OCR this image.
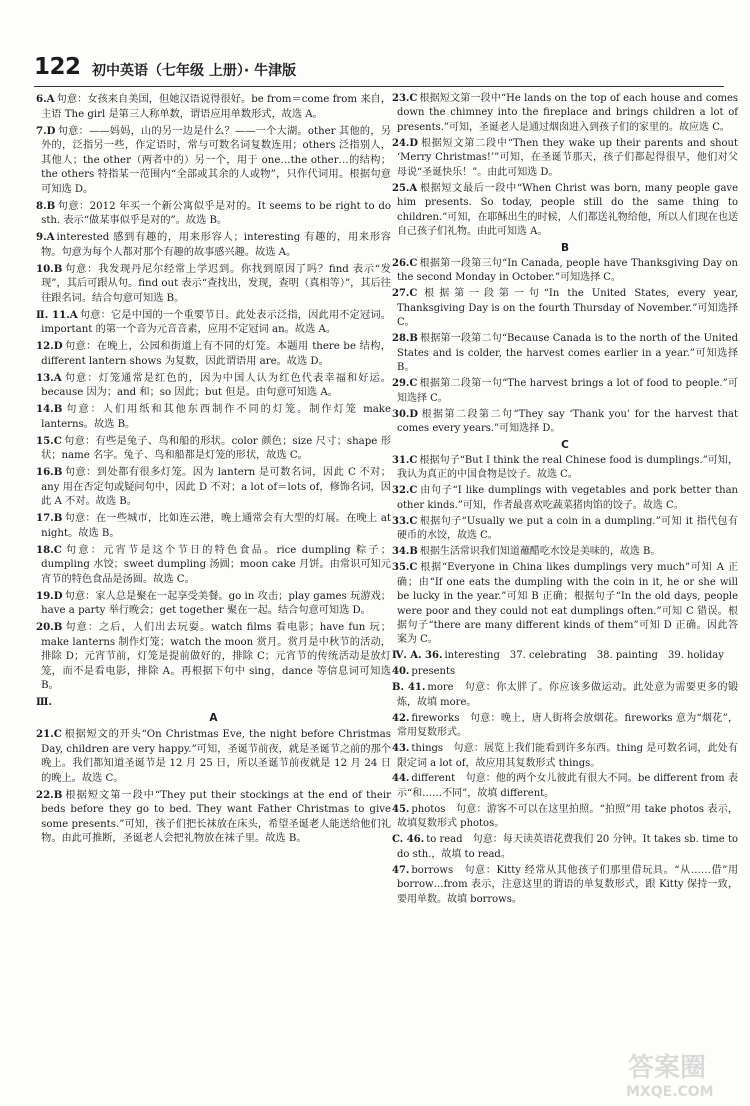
122 初中英语（七年级 上册）· 牛津版

6.A 句意：女孩来自美国，但她汉语说得很好。be from＝come from 来自，主语 The girl 是第三人称单数，谓语应用单数形式，故选 A。

7.D 句意：——妈妈，山的另一边是什么？——一个大湖。other 其他的，另外的，泛指另一些，作定语时，常与可数名词复数连用；others 泛指别人，其他人；the other（两者中的）另一个，用于 one…the other…的结构；the others 特指某一范围内“全部或其余的人或物”，只作代词用。根据句意可知选 D。

8.B 句意：2012 年买一个新公寓似乎是对的。It seems to be right to do sth. 表示“做某事似乎是对的”。故选 B。

9.A interested 感到有趣的，用来形容人；interesting 有趣的，用来形容物。句意为每个人都对那个有趣的故事感兴趣。故选 A。

10.B 句意：我发现丹尼尔经常上学迟到。你找到原因了吗？find 表示“发现”，其后可跟从句。find out 表示“查找出，发现，查明（真相等）”，其后往往跟名词。结合句意可知选 B。

Ⅱ. 11.A 句意：它是中国的一个重要节日。此处表示泛指，因此用不定冠词。important 的第一个音为元音音素，应用不定冠词 an。故选 A。

12.D 句意：在晚上，公园和街道上有不同的灯笼。本题用 there be 结构，different lantern shows 为复数，因此谓语用 are。故选 D。

13.A 句意：灯笼通常是红色的，因为中国人认为红色代表幸福和好运。because 因为；and 和；so 因此；but 但是。由句意可知选 A。

14.B 句意：人们用纸和其他东西制作不同的灯笼。制作灯笼 make lanterns。故选 B。

15.C 句意：有些是兔子、鸟和船的形状。color 颜色；size 尺寸；shape 形状；name 名字。兔子、鸟和船都是灯笼的形状，故选 C。

16.B 句意：到处都有很多灯笼。因为 lantern 是可数名词，因此 C 不对；any 用在否定句或疑问句中，因此 D 不对；a lot of＝lots of，修饰名词，因此 A 不对。故选 B。

17.B 句意：在一些城市，比如连云港，晚上通常会有大型的灯展。在晚上 at night。故选 B。

18.C 句意：元宵节是这个节日的特色食品。rice dumpling 粽子；dumpling 水饺；sweet dumpling 汤圆；moon cake 月饼。由常识可知元宵节的特色食品是汤圆。故选 C。

19.D 句意：家人总是聚在一起享受美餐。go in 攻击；play games 玩游戏；have a party 举行晚会；get together 聚在一起。结合句意可知选 D。

20.B 句意：之后，人们出去玩耍。watch films 看电影；have fun 玩；make lanterns 制作灯笼；watch the moon 赏月。赏月是中秋节的活动，排除 D；元宵节前，灯笼是提前做好的，排除 C；元宵节的传统活动是放灯笼，而不是看电影，排除 A。再根据下句中 sing，dance 等信息词可知选 B。

Ⅲ.
A

21.C 根据短文的开头“On Christmas Eve, the night before Christmas Day, children are very happy.”可知，圣诞节前夜，就是圣诞节之前的那个晚上。我们都知道圣诞节是 12 月 25 日，所以圣诞节前夜就是 12 月 24 日的晚上。故选 C。

22.B 根据短文第一段中“They put their stockings at the end of their beds before they go to bed. They want Father Christmas to give some presents.”可知，孩子们把长袜放在床头，希望圣诞老人能送给他们礼物。由此可推断，圣诞老人会把礼物放在袜子里。故选 B。

23.C 根据短文第一段中“He lands on the top of each house and comes down the chimney into the fireplace and brings children a lot of presents.”可知，圣诞老人是通过烟囱进入到孩子们的家里的。故应选 C。

24.D 根据短文第二段中“Then they wake up their parents and shout ‘Merry Christmas!’”可知，在圣诞节那天，孩子们都起得很早，他们对父母说“圣诞快乐！”。由此可知选 D。

25.A 根据短文最后一段中“When Christ was born, many people gave him presents. So today, people still do the same thing to children.”可知，在耶稣出生的时候，人们都送礼物给他，所以人们现在也送自己孩子们礼物。由此可知选 A。

B

26.C 根据第一段第三句“In Canada, people have Thanksgiving Day on the second Monday in October.”可知选择 C。

27.C 根据第一段第一句“In the United States, every year, Thanksgiving Day is on the fourth Thursday of November.”可知选择 C。

28.B 根据第一段第二句“Because Canada is to the north of the United States and is colder, the harvest comes earlier in a year.”可知选择 B。

29.C 根据第二段第一句“The harvest brings a lot of food to people.”可知选择 C。

30.D 根据第二段第二句“They say ‘Thank you’ for the harvest that comes every years.”可知选择 D。

C

31.C 根据句子“But I think the real Chinese food is dumplings.”可知，我认为真正的中国食物是饺子。故选 C。

32.C 由句子“I like dumplings with vegetables and pork better than other kinds.”可知，作者最喜欢吃蔬菜猪肉馅的饺子。故选 C。

33.C 根据句子“Usually we put a coin in a dumpling.”可知 it 指代包有硬币的水饺，故选 C。

34.B 根据生活常识我们知道蘸醋吃水饺是美味的，故选 B。

35.C 根据“Everyone in China likes dumplings very much”可知 A 正确；由“If one eats the dumpling with the coin in it, he or she will be lucky in the year.”可知 B 正确；根据句子“In the old days, people were poor and they could not eat dumplings often.”可知 C 错误。根据句子“there are many different kinds of them”可知 D 正确。因此答案为 C。

Ⅳ. A. 36. interesting　37. celebrating　38. painting　39. holiday

40. presents

B. 41. more　句意：你太胖了。你应该多做运动。此处意为需要更多的锻炼，故填 more。

42. fireworks　句意：晚上，唐人街将会放烟花。fireworks 意为“烟花”，常用复数形式。

43. things　句意：展览上我们能看到许多东西。thing 是可数名词，此处有限定词 a lot of，故应用其复数形式 things。

44. different　句意：他的两个女儿彼此有很大不同。be different from 表示“和……不同”，故填 different。

45. photos　句意：游客不可以在这里拍照。“拍照”用 take photos 表示，故填复数形式 photos。

C. 46. to read　句意：每天读英语花费我们 20 分钟。It takes sb. time to do sth.，故填 to read。

47. borrows　句意：Kitty 经常从其他孩子们那里借玩具。“从……借”用 borrow…from 表示，注意这里的谓语的单复数形式，跟 Kitty 保持一致，要用单数。故填 borrows。

答案圈
MXQE.COM
